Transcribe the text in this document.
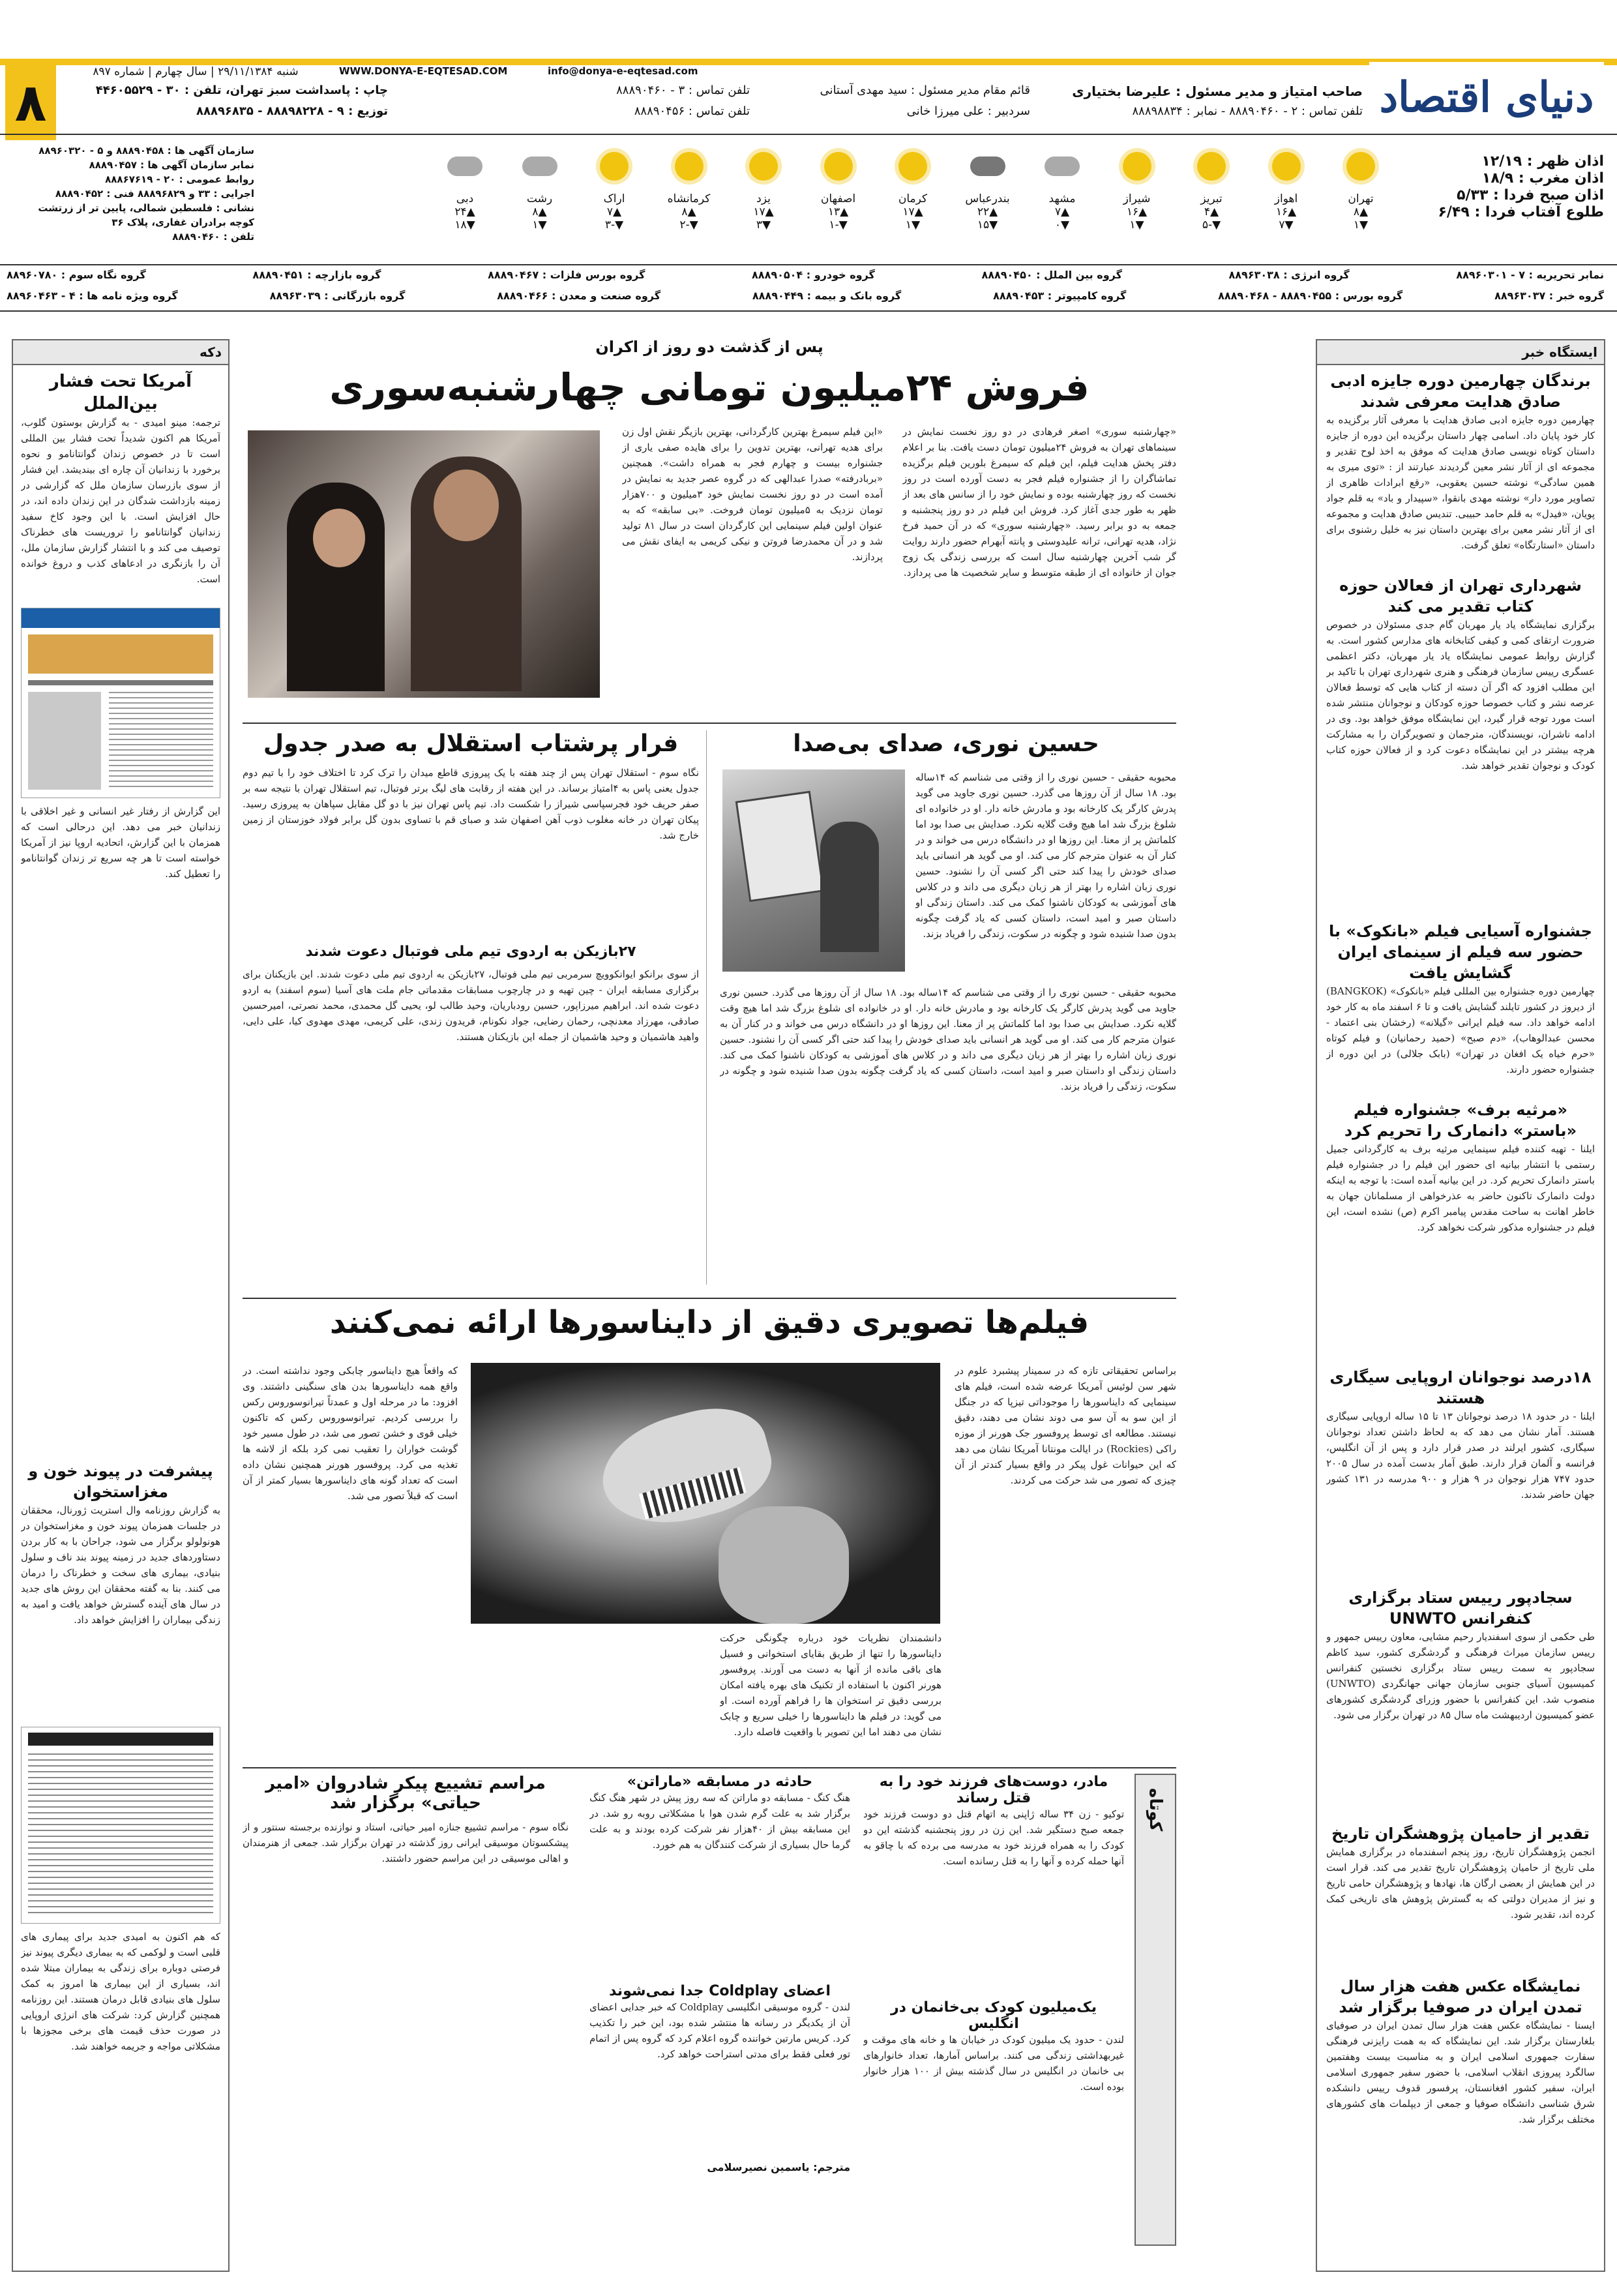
دنیای اقتصاد
شنبه ۲۹/۱۱/۱۳۸۴ | سال چهارم | شماره ۸۹۷	WWW.DONYA-E-EQTESAD.COM	info@donya-e-eqtesad.com
۸	صاحب امتیاز و مدیر مسئول : علیرضا بختیاری
تلفن تماس : ۲ - ۸۸۸۹۰۴۶۰ - نمابر : ۸۸۸۹۸۸۳۴
قائم مقام مدیر مسئول : سید مهدی آستانی
تلفن تماس : ۳ - ۸۸۸۹۰۴۶۰
سردبیر : علی میرزا خانی
تلفن تماس : ۸۸۸۹۰۴۵۶
چاپ : پاسداشت سبز تهران، تلفن : ۳۰ - ۴۴۶۰۵۵۲۹
توزیع : ۹ - ۸۸۸۹۸۲۲۸ - ۸۸۸۹۶۸۳۵
اذان ظهر : ۱۲/۱۹
اذان مغرب : ۱۸/۹
اذان صبح فردا : ۵/۳۳
طلوع آفتاب فردا : ۶/۴۹
تهران
▲۸
▼۱
اهواز
▲۱۶
▼۷
تبریز
▲۴
▼-۵
شیراز
▲۱۶
▼۱
مشهد
▲۷
▼۰
بندرعباس
▲۲۲
▼۱۵
کرمان
▲۱۷
▼۱
اصفهان
▲۱۳
▼-۱
یزد
▲۱۷
▼۳
کرمانشاه
▲۸
▼-۲
اراک
▲۷
▼-۳
رشت
▲۸
▼۱
دبی
▲۲۴
▼۱۸
سازمان آگهی ها : ۸۸۸۹۰۴۵۸ و ۵ - ۸۸۹۶۰۳۲۰
نمابر سازمان آگهی ها : ۸۸۸۹۰۴۵۷
روابط عمومی : ۲۰ - ۸۸۸۶۷۶۱۹
اجرایی : ۳۳ و ۸۸۸۹۶۸۲۹ فنی : ۸۸۸۹۰۴۵۲
نشانی : فلسطین شمالی، پایین تر از زرتشت
کوچه برادران غفاری، پلاک ۳۶
تلفن : ۸۸۸۹۰۴۶۰
نمابر تحریریه : ۷ - ۸۸۹۶۰۳۰۱
گروه انرژی : ۸۸۹۶۳۰۳۸
گروه بین الملل : ۸۸۸۹۰۴۵۰
گروه خودرو : ۸۸۸۹۰۵۰۴
گروه بورس فلزات : ۸۸۸۹۰۴۶۷
گروه بازارچه : ۸۸۸۹۰۴۵۱
گروه نگاه سوم : ۸۸۹۶۰۷۸۰
گروه خبر : ۸۸۹۶۳۰۳۷
گروه بورس : ۸۸۸۹۰۴۵۵ - ۸۸۸۹۰۴۶۸
گروه کامپیوتر : ۸۸۸۹۰۴۵۳
گروه بانک و بیمه : ۸۸۸۹۰۴۴۹
گروه صنعت و معدن : ۸۸۸۹۰۴۶۶
گروه بازرگانی : ۸۸۹۶۳۰۳۹
گروه ویژه نامه ها : ۴ - ۸۸۹۶۰۴۶۳
ایستگاه خبر
برندگان چهارمین دوره جایزه ادبی صادق هدایت معرفی شدند
چهارمین دوره جایزه ادبی صادق هدایت با معرفی آثار برگزیده به کار خود پایان داد. اسامی چهار داستان برگزیده این دوره از جایزه داستان کوتاه نویسی صادق هدایت که موفق به اخذ لوح تقدیر و مجموعه ای از آثار نشر معین گردیدند عبارتند از : «توی میری به همین سادگی» نوشته حسین یعقوبی، «رقع ابرادات ظاهری از تصاویر مورد دار» نوشته مهدی بانقوا، «سپیدار و باد» به قلم جواد پویان، «فیدل» به قلم حامد حبیبی. تندیس صادق هدایت و مجموعه ای از آثار نشر معین برای بهترین داستان نیز به خلیل رشنوی برای داستان «استارتگاه» تعلق گرفت.
شهرداری تهران از فعالان حوزه کتاب تقدیر می کند
برگزاری نمایشگاه یاد یار مهربان گام جدی مسئولان در خصوص ضرورت ارتقای کمی و کیفی کتابخانه های مدارس کشور است. به گزارش روابط عمومی نمایشگاه یاد یار مهربان، دکتر اعظمی عسگری رییس سازمان فرهنگی و هنری شهرداری تهران با تاکید بر این مطلب افزود که اگر آن دسته از کتاب هایی که توسط فعالان عرصه نشر و کتاب خصوصا حوزه کودکان و نوجوانان منتشر شده است مورد توجه قرار گیرد، این نمایشگاه موفق خواهد بود. وی در ادامه ناشران، نویسندگان، مترجمان و تصویرگران را به مشارکت هرچه بیشتر در این نمایشگاه دعوت کرد و از فعالان حوزه کتاب کودک و نوجوان تقدیر خواهد شد.
جشنواره آسیایی فیلم «بانکوک» با حضور سه فیلم از سینمای ایران گشایش یافت
چهارمین دوره جشنواره بین المللی فیلم «بانکوک» (BANGKOK) از دیروز در کشور تایلند گشایش یافت و تا ۶ اسفند ماه به کار خود ادامه خواهد داد. سه فیلم ایرانی «گیلانه» (رخشان بنی اعتماد - محسن عبدالوهاب)، «دم صبح» (حمید رحمانیان) و فیلم کوتاه «حرم خیاه یک افغان در تهران» (بابک جلالی) در این دوره از جشنواره حضور دارند.
«مرثیه برف» جشنواره فیلم «باستر» دانمارک را تحریم کرد
ایلنا - تهیه کننده فیلم سینمایی مرثیه برف به کارگردانی جمیل رستمی با انتشار بیانیه ای حضور این فیلم را در جشنواره فیلم باستر دانمارک تحریم کرد. در این بیانیه آمده است: با توجه به اینکه دولت دانمارک تاکنون حاضر به عذرخواهی از مسلمانان جهان به خاطر اهانت به ساحت مقدس پیامبر اکرم (ص) نشده است، این فیلم در جشنواره مذکور شرکت نخواهد کرد.
۱۸درصد نوجوانان اروپایی سیگاری هستند
ایلنا - در حدود ۱۸ درصد نوجوانان ۱۳ تا ۱۵ ساله اروپایی سیگاری هستند. آمار نشان می دهد که به لحاظ داشتن تعداد نوجوانان سیگاری، کشور ایرلند در صدر قرار دارد و پس از آن انگلیس، فرانسه و آلمان قرار دارند. طبق آمار بدست آمده در سال ۲۰۰۵ حدود ۷۴۷ هزار نوجوان در ۹ هزار و ۹۰۰ مدرسه در ۱۳۱ کشور جهان حاضر شدند.
سجادپور رییس ستاد برگزاری کنفرانس UNWTO
طی حکمی از سوی اسفندیار رحیم مشایی، معاون رییس جمهور و رییس سازمان میراث فرهنگی و گردشگری کشور، سید کاظم سجادپور به سمت رییس ستاد برگزاری نخستین کنفرانس کمیسیون آسیای جنوبی سازمان جهانی جهانگردی (UNWTO) منصوب شد. این کنفرانس با حضور وزرای گردشگری کشورهای عضو کمیسیون اردیبهشت ماه سال ۸۵ در تهران برگزار می شود.
تقدیر از حامیان پژوهشگران تاریخ
انجمن پژوهشگران تاریخ، روز پنجم اسفندماه در برگزاری همایش ملی تاریخ از حامیان پژوهشگران تاریخ تقدیر می کند. قرار است در این همایش از بعضی ارگان ها، نهادها و پژوهشگران حامی تاریخ و نیز از مدیران دولتی که به گسترش پژوهش های تاریخی کمک کرده اند، تقدیر شود.
نمایشگاه عکس هفت هزار سال تمدن ایران در صوفیا برگزار شد
ایسنا - نمایشگاه عکس هفت هزار سال تمدن ایران در صوفیای بلغارستان برگزار شد. این نمایشگاه که به همت رایزنی فرهنگی سفارت جمهوری اسلامی ایران و به مناسبت بیست وهفتمین سالگرد پیروزی انقلاب اسلامی، با حضور سفیر جمهوری اسلامی ایران، سفیر کشور افغانستان، پرفسور قدوف رییس دانشکده شرق شناسی دانشگاه صوفیا و جمعی از دیپلمات های کشورهای مختلف برگزار شد.
دکه
آمریکا تحت فشار بین‌الملل
ترجمه: مینو امیدی - به گزارش بوستون گلوب، آمریکا هم اکنون شدیداً تحت فشار بین المللی است تا در خصوص زندان گوانتانامو و نحوه برخورد با زندانیان آن چاره ای بیندیشد. این فشار از سوی بازرسان سازمان ملل که گزارشی در زمینه بازداشت شدگان در این زندان داده اند، در حال افزایش است. با این وجود کاخ سفید زندانیان گوانتانامو را تروریست های خطرناک توصیف می کند و با انتشار گزارش سازمان ملل، آن را بازنگری در ادعاهای کذب و دروغ خوانده است.
این گزارش از رفتار غیر انسانی و غیر اخلاقی با زندانیان خبر می دهد. این درحالی است که همزمان با این گزارش، اتحادیه اروپا نیز از آمریکا خواسته است تا هر چه سریع تر زندان گوانتانامو را تعطیل کند.
پیشرفت در پیوند خون و مغزاستخوان
به گزارش روزنامه وال استریت ژورنال، محققان در جلسات همزمان پیوند خون و مغزاستخوان در هونولولو برگزار می شود، جراحان با به کار بردن دستاوردهای جدید در زمینه پیوند بند ناف و سلول بنیادی، بیماری های سخت و خطرناک را درمان می کنند. بنا به گفته محققان این روش های جدید در سال های آینده گسترش خواهد یافت و امید به زندگی بیماران را افزایش خواهد داد.
که هم اکنون به امیدی جدید برای پیماری های قلبی است و لوکمی که به بیماری دیگری پیوند نیز فرصتی دوباره برای زندگی به بیماران مبتلا شده اند، بسیاری از این بیماری ها امروز به کمک سلول های بنیادی قابل درمان هستند. این روزنامه همچنین گزارش کرد: شرکت های انرژی اروپایی در صورت حذف قیمت های برخی مجوزها با مشکلاتی مواجه و جریمه خواهند شد.
پس از گذشت دو روز از اکران
فروش ۲۴میلیون تومانی چهارشنبه‌سوری
«چهارشنبه سوری» اصغر فرهادی در دو روز نخست نمایش در سینماهای تهران به فروش ۲۴میلیون تومان دست یافت. بنا بر اعلام دفتر پخش هدایت فیلم، این فیلم که سیمرغ بلورین فیلم برگزیده تماشاگران را از جشنواره فیلم فجر به دست آورده است در روز نخست که روز چهارشنبه بوده و نمایش خود را از سانس های بعد از ظهر به طور جدی آغاز کرد. فروش این فیلم در دو روز پنجشنبه و جمعه به دو برابر رسید. «چهارشنبه سوری» که در آن حمید فرخ نژاد، هدیه تهرانی، ترانه علیدوستی و پانته آبهرام حضور دارند روایت گر شب آخرین چهارشنبه سال است که بررسی زندگی یک زوج جوان از خانواده ای از طبقه متوسط و سایر شخصیت ها می پردازد.
«این فیلم سیمرغ بهترین کارگردانی، بهترین بازیگر نقش اول زن برای هدیه تهرانی، بهترین تدوین را برای هایده صفی یاری از جشنواره بیست و چهارم فجر به همراه داشت». همچنین «بربادرفته» صدرا عبدالهی که در گروه عصر جدید به نمایش در آمده است در دو روز نخست نمایش خود ۳میلیون و ۷۰۰هزار تومان نزدیک به ۵میلیون تومان فروخت. «بی سابقه» که به عنوان اولین فیلم سینمایی این کارگردان است در سال ۸۱ تولید شد و در آن محمدرضا فروتن و نیکی کریمی به ایفای نقش می پردازند.
حسین نوری، صدای بی‌صدا
محبوبه حقیقی - حسین نوری را از وقتی می شناسم که ۱۴ساله بود. ۱۸ سال از آن روزها می گذرد. حسین نوری جاوید می گوید پدرش کارگر یک کارخانه بود و مادرش خانه دار. او در خانواده ای شلوغ بزرگ شد اما هیچ وقت گلایه نکرد. صدایش بی صدا بود اما کلماتش پر از معنا. این روزها او در دانشگاه درس می خواند و در کنار آن به عنوان مترجم کار می کند. او می گوید هر انسانی باید صدای خودش را پیدا کند حتی اگر کسی آن را نشنود. حسین نوری زبان اشاره را بهتر از هر زبان دیگری می داند و در کلاس های آموزشی به کودکان ناشنوا کمک می کند. داستان زندگی او داستان صبر و امید است، داستان کسی که یاد گرفت چگونه بدون صدا شنیده شود و چگونه در سکوت، زندگی را فریاد بزند.

محبوبه حقیقی - حسین نوری را از وقتی می شناسم که ۱۴ساله بود. ۱۸ سال از آن روزها می گذرد. حسین نوری جاوید می گوید پدرش کارگر یک کارخانه بود و مادرش خانه دار. او در خانواده ای شلوغ بزرگ شد اما هیچ وقت گلایه نکرد. صدایش بی صدا بود اما کلماتش پر از معنا. این روزها او در دانشگاه درس می خواند و در کنار آن به عنوان مترجم کار می کند. او می گوید هر انسانی باید صدای خودش را پیدا کند حتی اگر کسی آن را نشنود. حسین نوری زبان اشاره را بهتر از هر زبان دیگری می داند و در کلاس های آموزشی به کودکان ناشنوا کمک می کند. داستان زندگی او داستان صبر و امید است، داستان کسی که یاد گرفت چگونه بدون صدا شنیده شود و چگونه در سکوت، زندگی را فریاد بزند.

فرار پرشتاب استقلال به صدر جدول
نگاه سوم - استقلال تهران پس از چند هفته با یک پیروزی قاطع میدان را ترک کرد تا اختلاف خود را با تیم دوم جدول یعنی پاس به ۴امتیاز برساند. در این هفته از رقابت های لیگ برتر فوتبال، تیم استقلال تهران با نتیجه سه بر صفر حریف خود فجرسپاسی شیراز را شکست داد. تیم پاس تهران نیز با دو گل مقابل سپاهان به پیروزی رسید. پیکان تهران در خانه مغلوب ذوب آهن اصفهان شد و صبای قم با تساوی بدون گل برابر فولاد خوزستان از زمین خارج شد.
۲۷بازیکن به اردوی تیم ملی فوتبال دعوت شدند
از سوی برانکو ایوانکوویچ سرمربی تیم ملی فوتبال، ۲۷بازیکن به اردوی تیم ملی دعوت شدند. این بازیکنان برای برگزاری مسابقه ایران - چین تهیه و در چارچوب مسابقات مقدماتی جام ملت های آسیا (سوم اسفند) به اردو دعوت شده اند. ابراهیم میرزاپور، حسین رودباریان، وحید طالب لو، یحیی گل محمدی، محمد نصرتی، امیرحسین صادقی، مهرزاد معدنچی، رحمان رضایی، جواد نکونام، فریدون زندی، علی کریمی، مهدی مهدوی کیا، علی دایی، واهید هاشمیان و وحید هاشمیان از جمله این بازیکنان هستند.
فیلم‌ها تصویری دقیق از دایناسورها ارائه نمی‌کنند
براساس تحقیقاتی تازه که در سمینار پیشبرد علوم در شهر سن لوئیس آمریکا عرضه شده است، فیلم های سینمایی که دایناسورها را موجوداتی تیزپا که در جنگل از این سو به آن سو می دوند نشان می دهند، دقیق نیستند. مطالعه ای توسط پروفسور جک هورنر از موزه راکی (Rockies) در ایالت مونتانا آمریکا نشان می دهد که این حیوانات غول پیکر در واقع بسیار کندتر از آن چیزی که تصور می شد حرکت می کردند.
دانشمندان نظریات خود درباره چگونگی حرکت دایناسورها را تنها از طریق بقایای استخوانی و فسیل های باقی مانده از آنها به دست می آورند. پروفسور هورنر اکنون با استفاده از تکنیک های بهره یافته امکان بررسی دقیق تر استخوان ها را فراهم آورده است. او می گوید: در فیلم ها دایناسورها را خیلی سریع و چابک نشان می دهند اما این تصویر با واقعیت فاصله دارد.
که واقعاً هیچ دایناسور چابکی وجود نداشته است. در واقع همه دایناسورها بدن های سنگینی داشتند. وی افزود: ما در مرحله اول و عمدتاً تیرانوسوروس رکس را بررسی کردیم. تیرانوسوروس رکس که تاکنون خیلی قوی و خشن تصور می شد، در طول مسیر خود گوشت خواران را تعقیب نمی کرد بلکه از لاشه ها تغذیه می کرد. پروفسور هورنر همچنین نشان داده است که تعداد گونه های دایناسورها بسیار کمتر از آن است که قبلاً تصور می شد.
کوتاه
مادر، دوست‌های فرزند خود را به قتل رساند
توکیو - زن ۳۴ ساله ژاپنی به اتهام قتل دو دوست فرزند خود جمعه صبح دستگیر شد. این زن در روز پنجشنبه گذشته این دو کودک را به همراه فرزند خود به مدرسه می برده که با چاقو به آنها حمله کرده و آنها را به قتل رسانده است.
یک‌میلیون کودک بی‌خانمان در انگلیس
لندن - حدود یک میلیون کودک در خیابان ها و خانه های موقت و غیربهداشتی زندگی می کنند. براساس آمارها، تعداد خانوارهای بی خانمان در انگلیس در سال گذشته بیش از ۱۰۰ هزار خانوار بوده است.
حادثه در مسابقه «ماراتن»
هنگ کنگ - مسابقه دو ماراتن که سه روز پیش در شهر هنگ کنگ برگزار شد به علت گرم شدن هوا با مشکلاتی روبه رو شد. در این مسابقه بیش از ۴۰هزار نفر شرکت کرده بودند و به علت گرما حال بسیاری از شرکت کنندگان به هم خورد.
اعضای Coldplay جدا نمی‌شوند
لندن - گروه موسیقی انگلیسی Coldplay که خبر جدایی اعضای آن از یکدیگر در رسانه ها منتشر شده بود، این خبر را تکذیب کرد. کریس مارتین خواننده گروه اعلام کرد که گروه پس از اتمام تور فعلی فقط برای مدتی استراحت خواهد کرد.
مترجم: یاسمین نصیرسلامی
مراسم تشییع پیکر شادروان «امیر حیاتی» برگزار شد
نگاه سوم - مراسم تشییع جنازه امیر حیاتی، استاد و نوازنده برجسته سنتور و از پیشکسوتان موسیقی ایرانی روز گذشته در تهران برگزار شد. جمعی از هنرمندان و اهالی موسیقی در این مراسم حضور داشتند.
